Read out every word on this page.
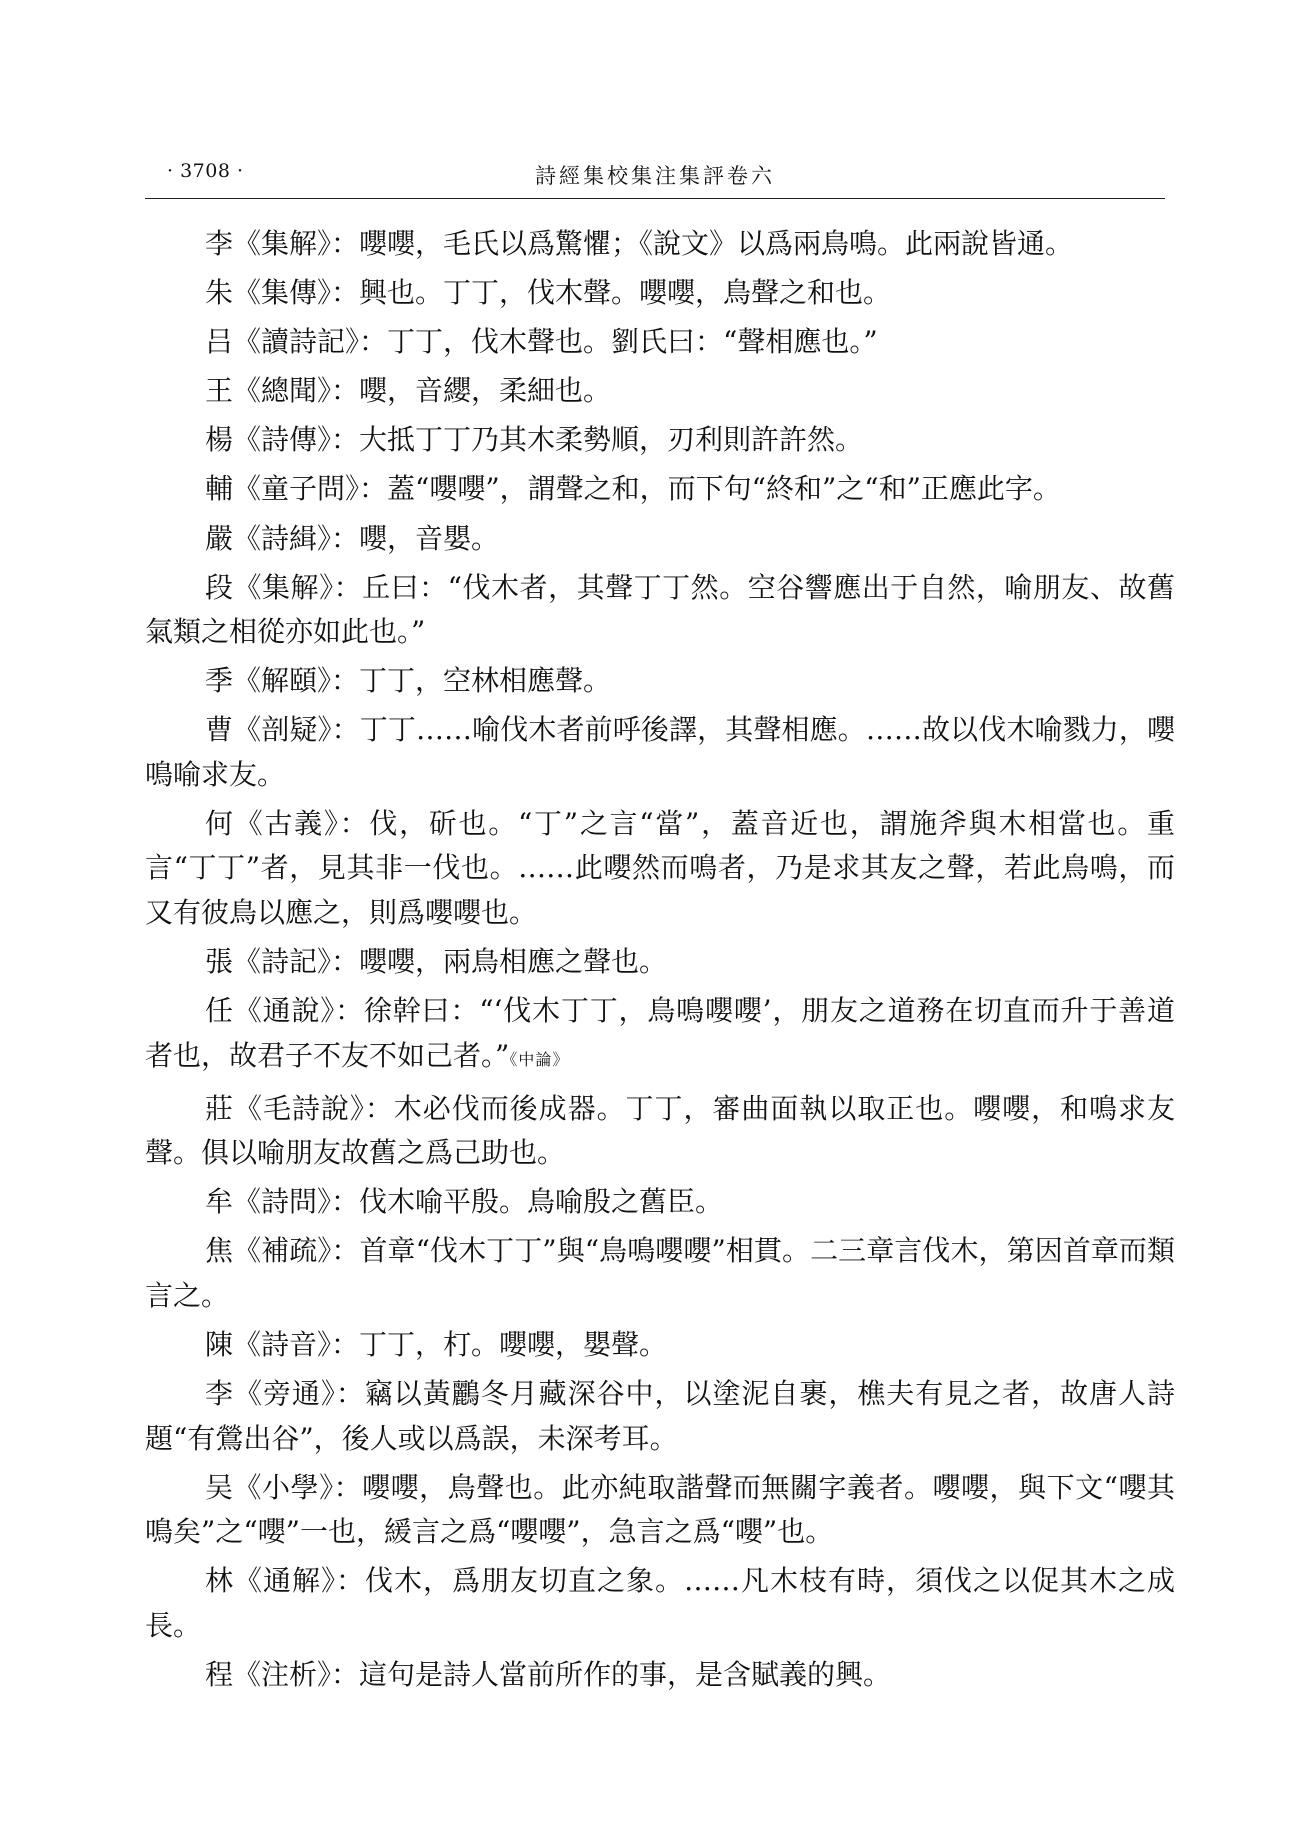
· 3708 ·	詩經集校集注集評卷六

李《集解》：嚶嚶，毛氏以爲驚懼；《說文》以爲兩鳥鳴。此兩說皆通。

朱《集傳》：興也。丁丁，伐木聲。嚶嚶，鳥聲之和也。

吕《讀詩記》：丁丁，伐木聲也。劉氏曰：“聲相應也。”

王《總聞》：嚶，音纓，柔細也。

楊《詩傳》：大抵丁丁乃其木柔勢順，刃利則許許然。

輔《童子問》：蓋“嚶嚶”，謂聲之和，而下句“終和”之“和”正應此字。

嚴《詩緝》：嚶，音嬰。

段《集解》：丘曰：“伐木者，其聲丁丁然。空谷響應出于自然，喻朋友、故舊氣類之相從亦如此也。”

季《解頤》：丁丁，空林相應聲。

曹《剖疑》：丁丁……喻伐木者前呼後譯，其聲相應。……故以伐木喻戮力，嚶鳴喻求友。

何《古義》：伐，斫也。“丁”之言“當”，蓋音近也，謂施斧與木相當也。重言“丁丁”者，見其非一伐也。……此嚶然而鳴者，乃是求其友之聲，若此鳥鳴，而又有彼鳥以應之，則爲嚶嚶也。

張《詩記》：嚶嚶，兩鳥相應之聲也。

任《通說》：徐幹曰：“‘伐木丁丁，鳥鳴嚶嚶’，朋友之道務在切直而升于善道者也，故君子不友不如己者。”《中論》

莊《毛詩說》：木必伐而後成器。丁丁，審曲面執以取正也。嚶嚶，和鳴求友聲。俱以喻朋友故舊之爲己助也。

牟《詩問》：伐木喻平殷。鳥喻殷之舊臣。

焦《補疏》：首章“伐木丁丁”與“鳥鳴嚶嚶”相貫。二三章言伐木，第因首章而類言之。

陳《詩音》：丁丁，朾。嚶嚶，嬰聲。

李《旁通》：竊以黃鸝冬月藏深谷中，以塗泥自裹，樵夫有見之者，故唐人詩題“有鶯出谷”，後人或以爲誤，未深考耳。

吴《小學》：嚶嚶，鳥聲也。此亦純取諧聲而無關字義者。嚶嚶，與下文“嚶其鳴矣”之“嚶”一也，緩言之爲“嚶嚶”，急言之爲“嚶”也。

林《通解》：伐木，爲朋友切直之象。……凡木枝有時，須伐之以促其木之成長。

程《注析》：這句是詩人當前所作的事，是含賦義的興。
